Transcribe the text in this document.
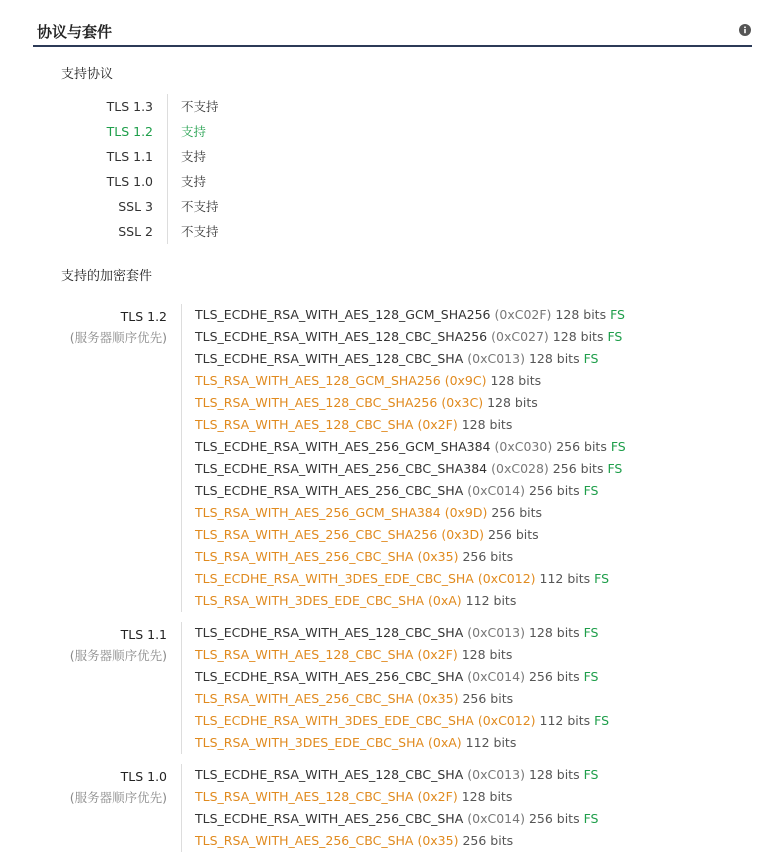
协议与套件
支持协议
TLS 1.3	不支持
TLS 1.2	支持
TLS 1.1	支持
TLS 1.0	支持
SSL 3	不支持
SSL 2	不支持
支持的加密套件
TLS 1.2
(服务器顺序优先)
TLS_ECDHE_RSA_WITH_AES_128_GCM_SHA256 (0xC02F) 128 bits FS
TLS_ECDHE_RSA_WITH_AES_128_CBC_SHA256 (0xC027) 128 bits FS
TLS_ECDHE_RSA_WITH_AES_128_CBC_SHA (0xC013) 128 bits FS
TLS_RSA_WITH_AES_128_GCM_SHA256 (0x9C) 128 bits
TLS_RSA_WITH_AES_128_CBC_SHA256 (0x3C) 128 bits
TLS_RSA_WITH_AES_128_CBC_SHA (0x2F) 128 bits
TLS_ECDHE_RSA_WITH_AES_256_GCM_SHA384 (0xC030) 256 bits FS
TLS_ECDHE_RSA_WITH_AES_256_CBC_SHA384 (0xC028) 256 bits FS
TLS_ECDHE_RSA_WITH_AES_256_CBC_SHA (0xC014) 256 bits FS
TLS_RSA_WITH_AES_256_GCM_SHA384 (0x9D) 256 bits
TLS_RSA_WITH_AES_256_CBC_SHA256 (0x3D) 256 bits
TLS_RSA_WITH_AES_256_CBC_SHA (0x35) 256 bits
TLS_ECDHE_RSA_WITH_3DES_EDE_CBC_SHA (0xC012) 112 bits FS
TLS_RSA_WITH_3DES_EDE_CBC_SHA (0xA) 112 bits
TLS 1.1
(服务器顺序优先)
TLS_ECDHE_RSA_WITH_AES_128_CBC_SHA (0xC013) 128 bits FS
TLS_RSA_WITH_AES_128_CBC_SHA (0x2F) 128 bits
TLS_ECDHE_RSA_WITH_AES_256_CBC_SHA (0xC014) 256 bits FS
TLS_RSA_WITH_AES_256_CBC_SHA (0x35) 256 bits
TLS_ECDHE_RSA_WITH_3DES_EDE_CBC_SHA (0xC012) 112 bits FS
TLS_RSA_WITH_3DES_EDE_CBC_SHA (0xA) 112 bits
TLS 1.0
(服务器顺序优先)
TLS_ECDHE_RSA_WITH_AES_128_CBC_SHA (0xC013) 128 bits FS
TLS_RSA_WITH_AES_128_CBC_SHA (0x2F) 128 bits
TLS_ECDHE_RSA_WITH_AES_256_CBC_SHA (0xC014) 256 bits FS
TLS_RSA_WITH_AES_256_CBC_SHA (0x35) 256 bits
